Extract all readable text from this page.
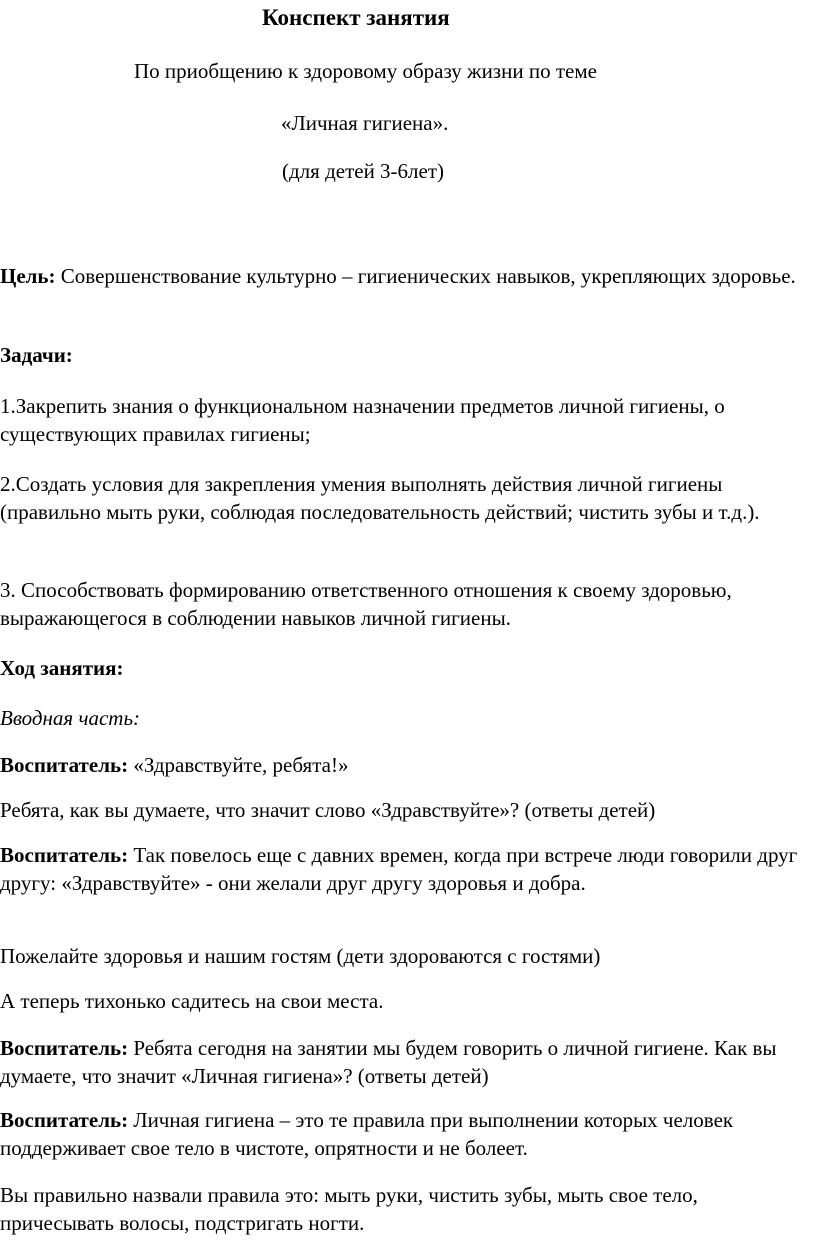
Конспект занятия
По приобщению к здоровому образу жизни по теме
«Личная гигиена».
(для детей 3-6лет)
Цель: Совершенствование культурно – гигиенических навыков, укрепляющих здоровье.
Задачи:
1.Закрепить знания о функциональном назначении предметов личной гигиены, о существующих правилах гигиены;
2.Создать условия для закрепления умения выполнять действия личной гигиены (правильно мыть руки, соблюдая последовательность действий; чистить зубы и т.д.).
3. Способствовать формированию ответственного отношения к своему здоровью, выражающегося в соблюдении навыков личной гигиены.
Ход занятия:
Вводная часть:
Воспитатель: «Здравствуйте, ребята!»
Ребята, как вы думаете, что значит слово «Здравствуйте»? (ответы детей)
Воспитатель: Так повелось еще с давних времен, когда при встрече люди говорили друг другу: «Здравствуйте» - они желали друг другу здоровья и добра.
Пожелайте здоровья и нашим гостям (дети здороваются с гостями)
А теперь тихонько садитесь на свои места.
Воспитатель: Ребята сегодня на занятии мы будем говорить о личной гигиене. Как вы думаете, что значит «Личная гигиена»? (ответы детей)
Воспитатель: Личная гигиена – это те правила при выполнении которых человек поддерживает свое тело в чистоте, опрятности и не болеет.
Вы правильно назвали правила это: мыть руки, чистить зубы, мыть свое тело, причесывать волосы, подстригать ногти.
